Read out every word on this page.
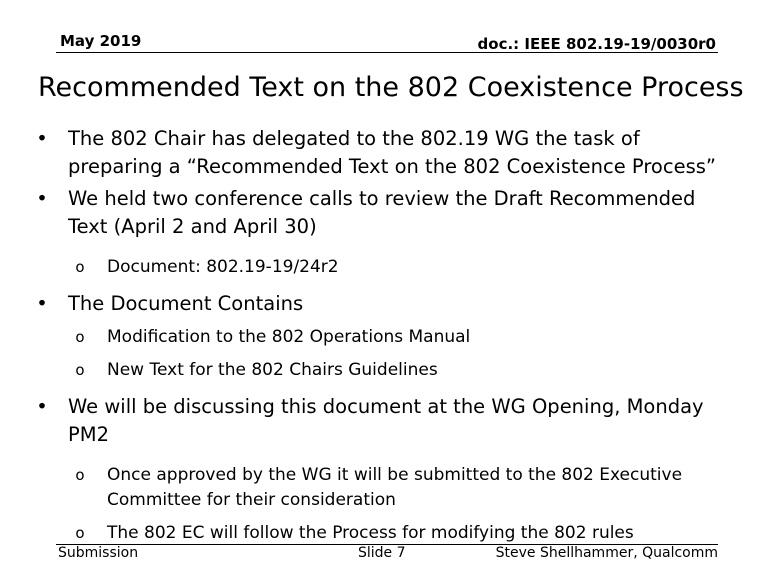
May 2019	doc.: IEEE 802.19-19/0030r0
Recommended Text on the 802 Coexistence Process
• The 802 Chair has delegated to the 802.19 WG the task of preparing a “Recommended Text on the 802 Coexistence Process”
• We held two conference calls to review the Draft Recommended Text (April 2 and April 30)
o Document: 802.19-19/24r2
• The Document Contains
o Modification to the 802 Operations Manual
o New Text for the 802 Chairs Guidelines
• We will be discussing this document at the WG Opening, Monday PM2
o Once approved by the WG it will be submitted to the 802 Executive Committee for their consideration
o The 802 EC will follow the Process for modifying the 802 rules
Submission	Slide 7	Steve Shellhammer, Qualcomm
